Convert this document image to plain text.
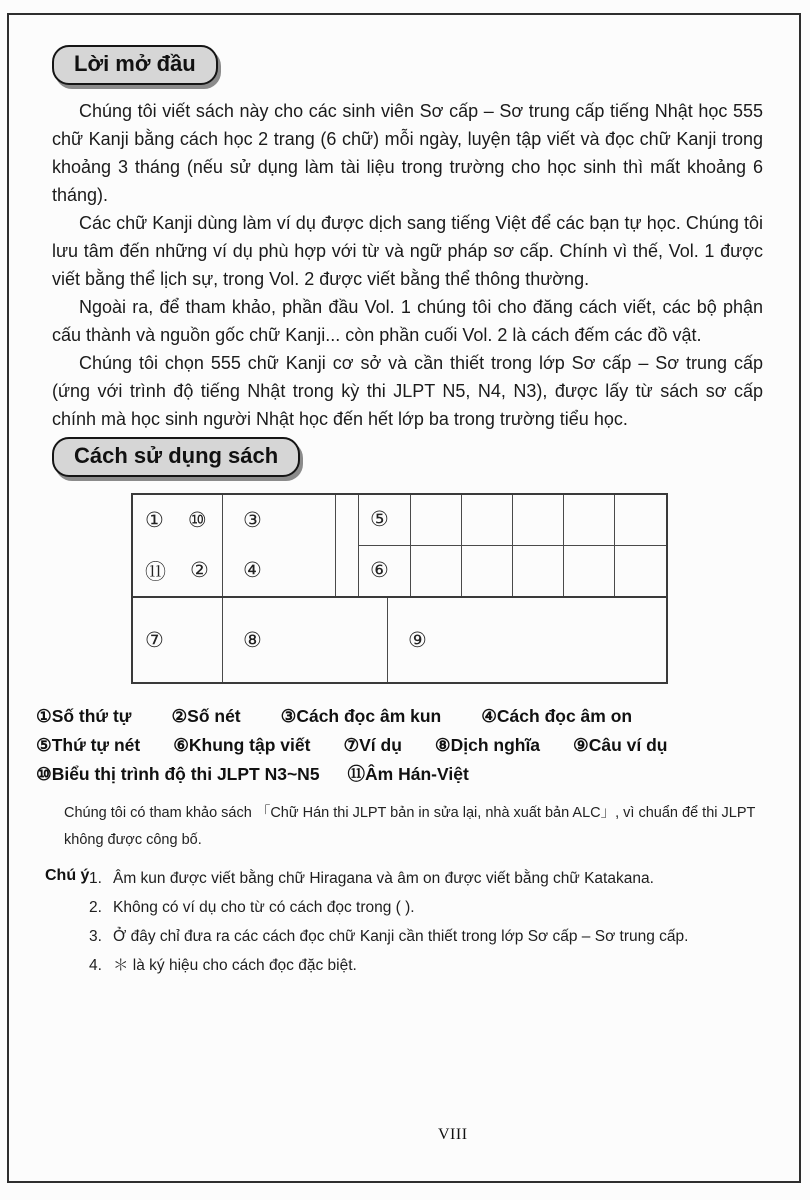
Lời mở đầu

Chúng tôi viết sách này cho các sinh viên Sơ cấp – Sơ trung cấp tiếng Nhật học 555 chữ Kanji bằng cách học 2 trang (6 chữ) mỗi ngày, luyện tập viết và đọc chữ Kanji trong khoảng 3 tháng (nếu sử dụng làm tài liệu trong trường cho học sinh thì mất khoảng 6 tháng).

Các chữ Kanji dùng làm ví dụ được dịch sang tiếng Việt để các bạn tự học. Chúng tôi lưu tâm đến những ví dụ phù hợp với từ và ngữ pháp sơ cấp. Chính vì thế, Vol. 1 được viết bằng thể lịch sự, trong Vol. 2 được viết bằng thể thông thường.

Ngoài ra, để tham khảo, phần đầu Vol. 1 chúng tôi cho đăng cách viết, các bộ phận cấu thành và nguồn gốc chữ Kanji... còn phần cuối Vol. 2 là cách đếm các đồ vật.

Chúng tôi chọn 555 chữ Kanji cơ sở và cần thiết trong lớp Sơ cấp – Sơ trung cấp (ứng với trình độ tiếng Nhật trong kỳ thi JLPT N5, N4, N3), được lấy từ sách sơ cấp chính mà học sinh người Nhật học đến hết lớp ba trong trường tiểu học.

Cách sử dụng sách
① ⑩
⑪ ②
③
④
⑤
⑥
⑦	⑧	⑨
①Số thứ tự ②Số nét ③Cách đọc âm kun ④Cách đọc âm on
⑤Thứ tự nét ⑥Khung tập viết ⑦Ví dụ ⑧Dịch nghĩa ⑨Câu ví dụ
⑩Biểu thị trình độ thi JLPT N3~N5 ⑪Âm Hán-Việt
Chúng tôi có tham khảo sách 「Chữ Hán thi JLPT bản in sửa lại, nhà xuất bản ALC」, vì chuẩn để thi JLPT không được công bố.
Chú ý 1. Âm kun được viết bằng chữ Hiragana và âm on được viết bằng chữ Katakana.
2. Không có ví dụ cho từ có cách đọc trong ( ).
3. Ở đây chỉ đưa ra các cách đọc chữ Kanji cần thiết trong lớp Sơ cấp – Sơ trung cấp.
4. ＊ là ký hiệu cho cách đọc đặc biệt.
VIII
